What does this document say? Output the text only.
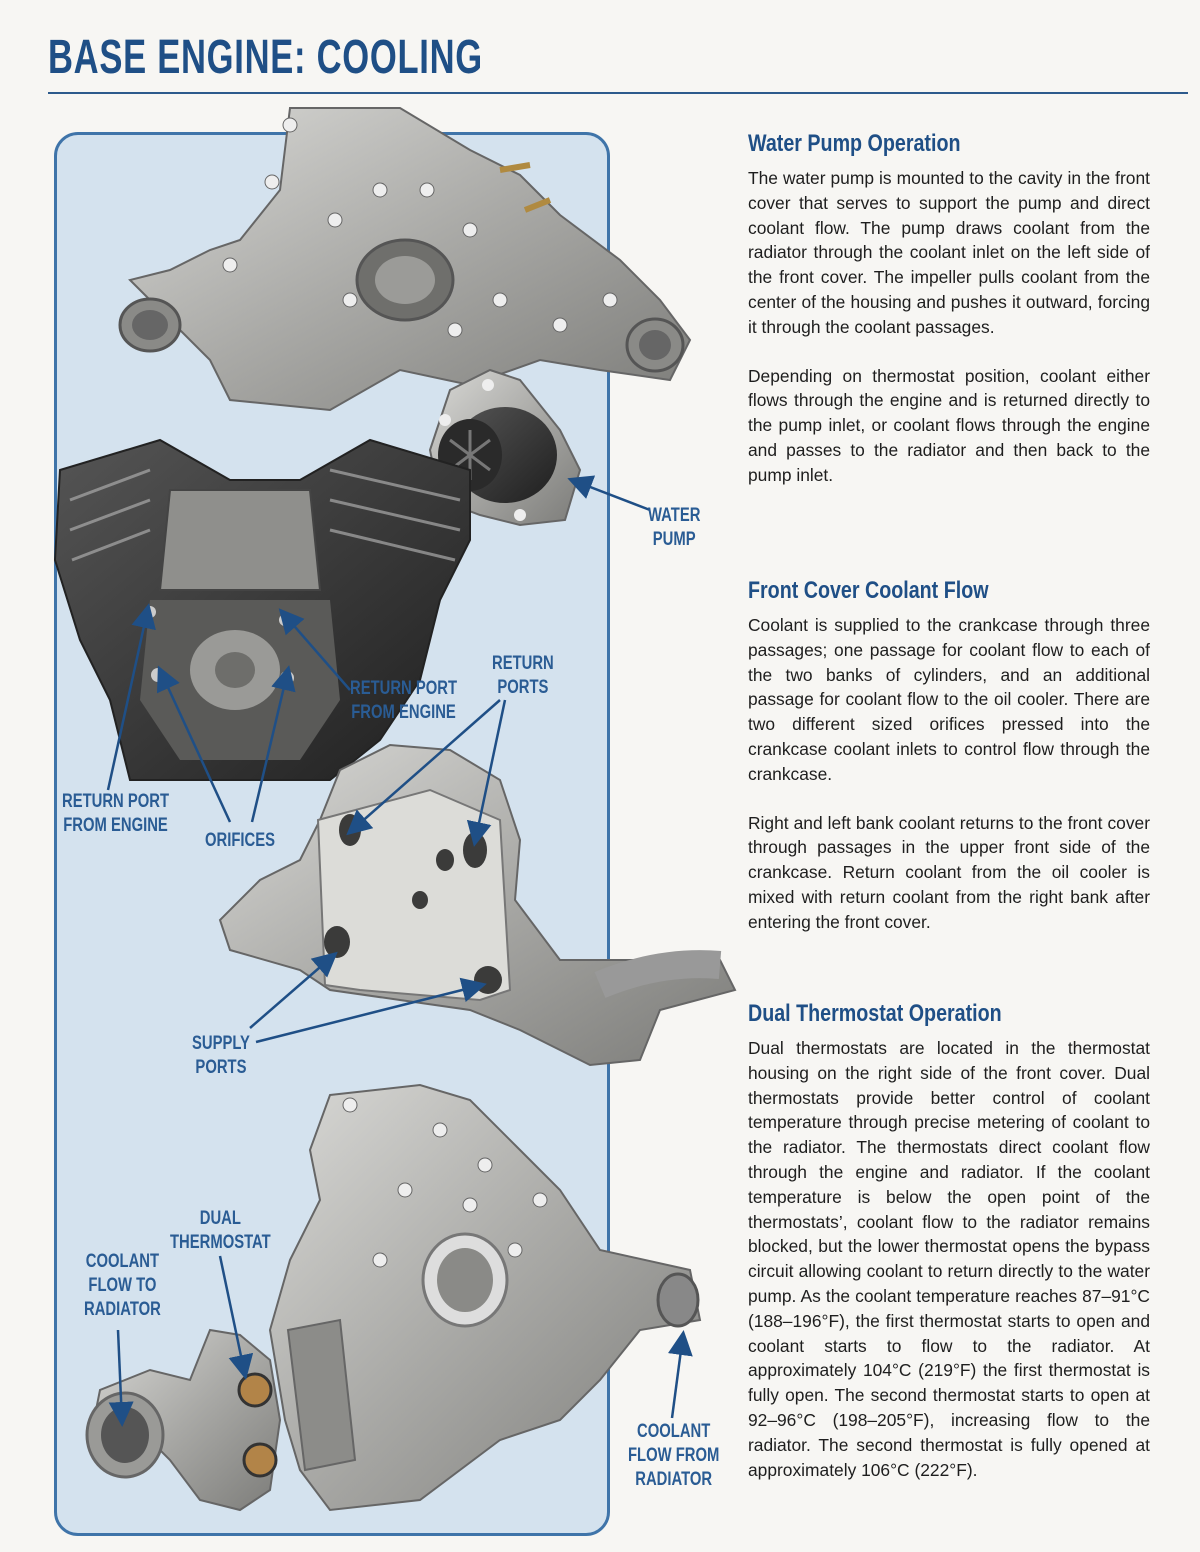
BASE ENGINE: COOLING
WATER
PUMP
RETURN PORT
FROM ENGINE
RETURN
PORTS
RETURN PORT
FROM ENGINE
ORIFICES
SUPPLY
PORTS
DUAL
THERMOSTAT
COOLANT
FLOW TO
RADIATOR
COOLANT
FLOW FROM
RADIATOR
Water Pump Operation

The water pump is mounted to the cavity in the front cover that serves to support the pump and direct coolant flow. The pump draws coolant from the radiator through the coolant inlet on the left side of the front cover. The impeller pulls coolant from the center of the housing and pushes it outward, forcing it through the coolant passages.

Depending on thermostat position, coolant either flows through the engine and is returned directly to the pump inlet, or coolant flows through the engine and passes to the radiator and then back to the pump inlet.

Front Cover Coolant Flow

Coolant is supplied to the crankcase through three passages; one passage for coolant flow to each of the two banks of cylinders, and an additional passage for coolant flow to the oil cooler. There are two different sized orifices pressed into the crankcase coolant inlets to control flow through the crankcase.

Right and left bank coolant returns to the front cover through passages in the upper front side of the crankcase. Return coolant from the oil cooler is mixed with return coolant from the right bank after entering the front cover.

Dual Thermostat Operation

Dual thermostats are located in the thermostat housing on the right side of the front cover. Dual thermostats provide better control of coolant temperature through precise metering of coolant to the radiator. The thermostats direct coolant flow through the engine and radiator. If the coolant temperature is below the open point of the thermostats’, coolant flow to the radiator remains blocked, but the lower thermostat opens the bypass circuit allowing coolant to return directly to the water pump. As the coolant temperature reaches 87–91°C (188–196°F), the first thermostat starts to open and coolant starts to flow to the radiator. At approximately 104°C (219°F) the first thermostat is fully open. The second thermostat starts to open at 92–96°C (198–205°F), increasing flow to the radiator. The second thermostat is fully opened at approximately 106°C (222°F).
